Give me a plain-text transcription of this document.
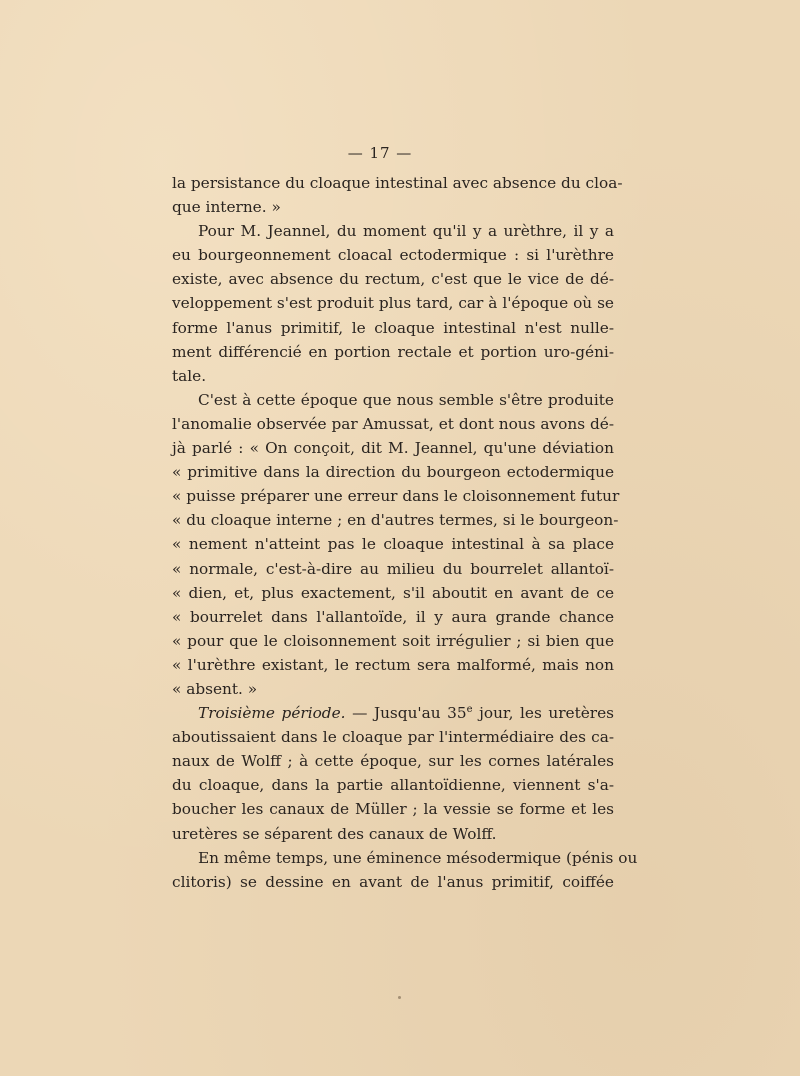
— 17 —
la persistance du cloaque intestinal avec absence du cloa-
que interne. »
Pour M. Jeannel, du moment qu'il y a urèthre, il y a
eu bourgeonnement cloacal ectodermique : si l'urèthre
existe, avec absence du rectum, c'est que le vice de dé-
veloppement s'est produit plus tard, car à l'époque où se
forme l'anus primitif, le cloaque intestinal n'est nulle-
ment différencié en portion rectale et portion uro-géni-
tale.
C'est à cette époque que nous semble s'être produite
l'anomalie observée par Amussat, et dont nous avons dé-
jà parlé : « On conçoit, dit M. Jeannel, qu'une déviation
« primitive dans la direction du bourgeon ectodermique
« puisse préparer une erreur dans le cloisonnement futur
« du cloaque interne ; en d'autres termes, si le bourgeon-
« nement n'atteint pas le cloaque intestinal à sa place
« normale, c'est-à-dire au milieu du bourrelet allantoï-
« dien, et, plus exactement, s'il aboutit en avant de ce
« bourrelet dans l'allantoïde, il y aura grande chance
« pour que le cloisonnement soit irrégulier ; si bien que
« l'urèthre existant, le rectum sera malformé, mais non
« absent. »
Troisième période. — Jusqu'au 35e jour, les uretères
aboutissaient dans le cloaque par l'intermédiaire des ca-
naux de Wolff ; à cette époque, sur les cornes latérales
du cloaque, dans la partie allantoïdienne, viennent s'a-
boucher les canaux de Müller ; la vessie se forme et les
uretères se séparent des canaux de Wolff.
En même temps, une éminence mésodermique (pénis ou
clitoris) se dessine en avant de l'anus primitif, coiffée
